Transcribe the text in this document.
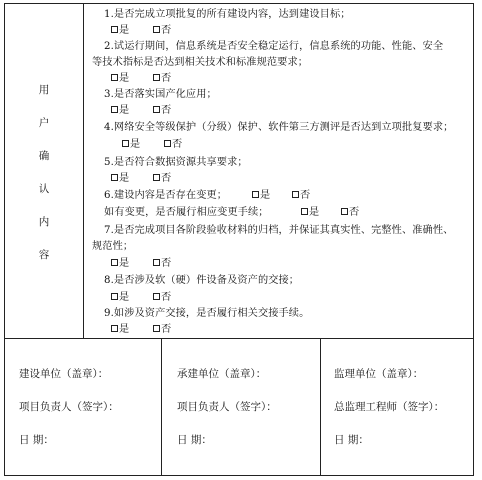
用
户
确
认
内
容
1.是否完成立项批复的所有建设内容，达到建设目标；
是	否
2.试运行期间，信息系统是否安全稳定运行，信息系统的功能、性能、安全
等技术指标是否达到相关技术和标准规范要求；
是	否
3.是否落实国产化应用；
是	否
4.网络安全等级保护（分级）保护、软件第三方测评是否达到立项批复要求；
是	否
5.是否符合数据资源共享要求；
是	否
6.建设内容是否存在变更；	是	否
如有变更，是否履行相应变更手续；	是	否
7.是否完成项目各阶段验收材料的归档，并保证其真实性、完整性、准确性、
规范性；
是	否
8.是否涉及软（硬）件设备及资产的交接；
是	否
9.如涉及资产交接，是否履行相关交接手续。
是	否
建设单位（盖章）：
项目负责人（签字）：
日 期：
承建单位（盖章）：
项目负责人（签字）：
日 期：
监理单位（盖章）：
总监理工程师（签字）：
日 期：
